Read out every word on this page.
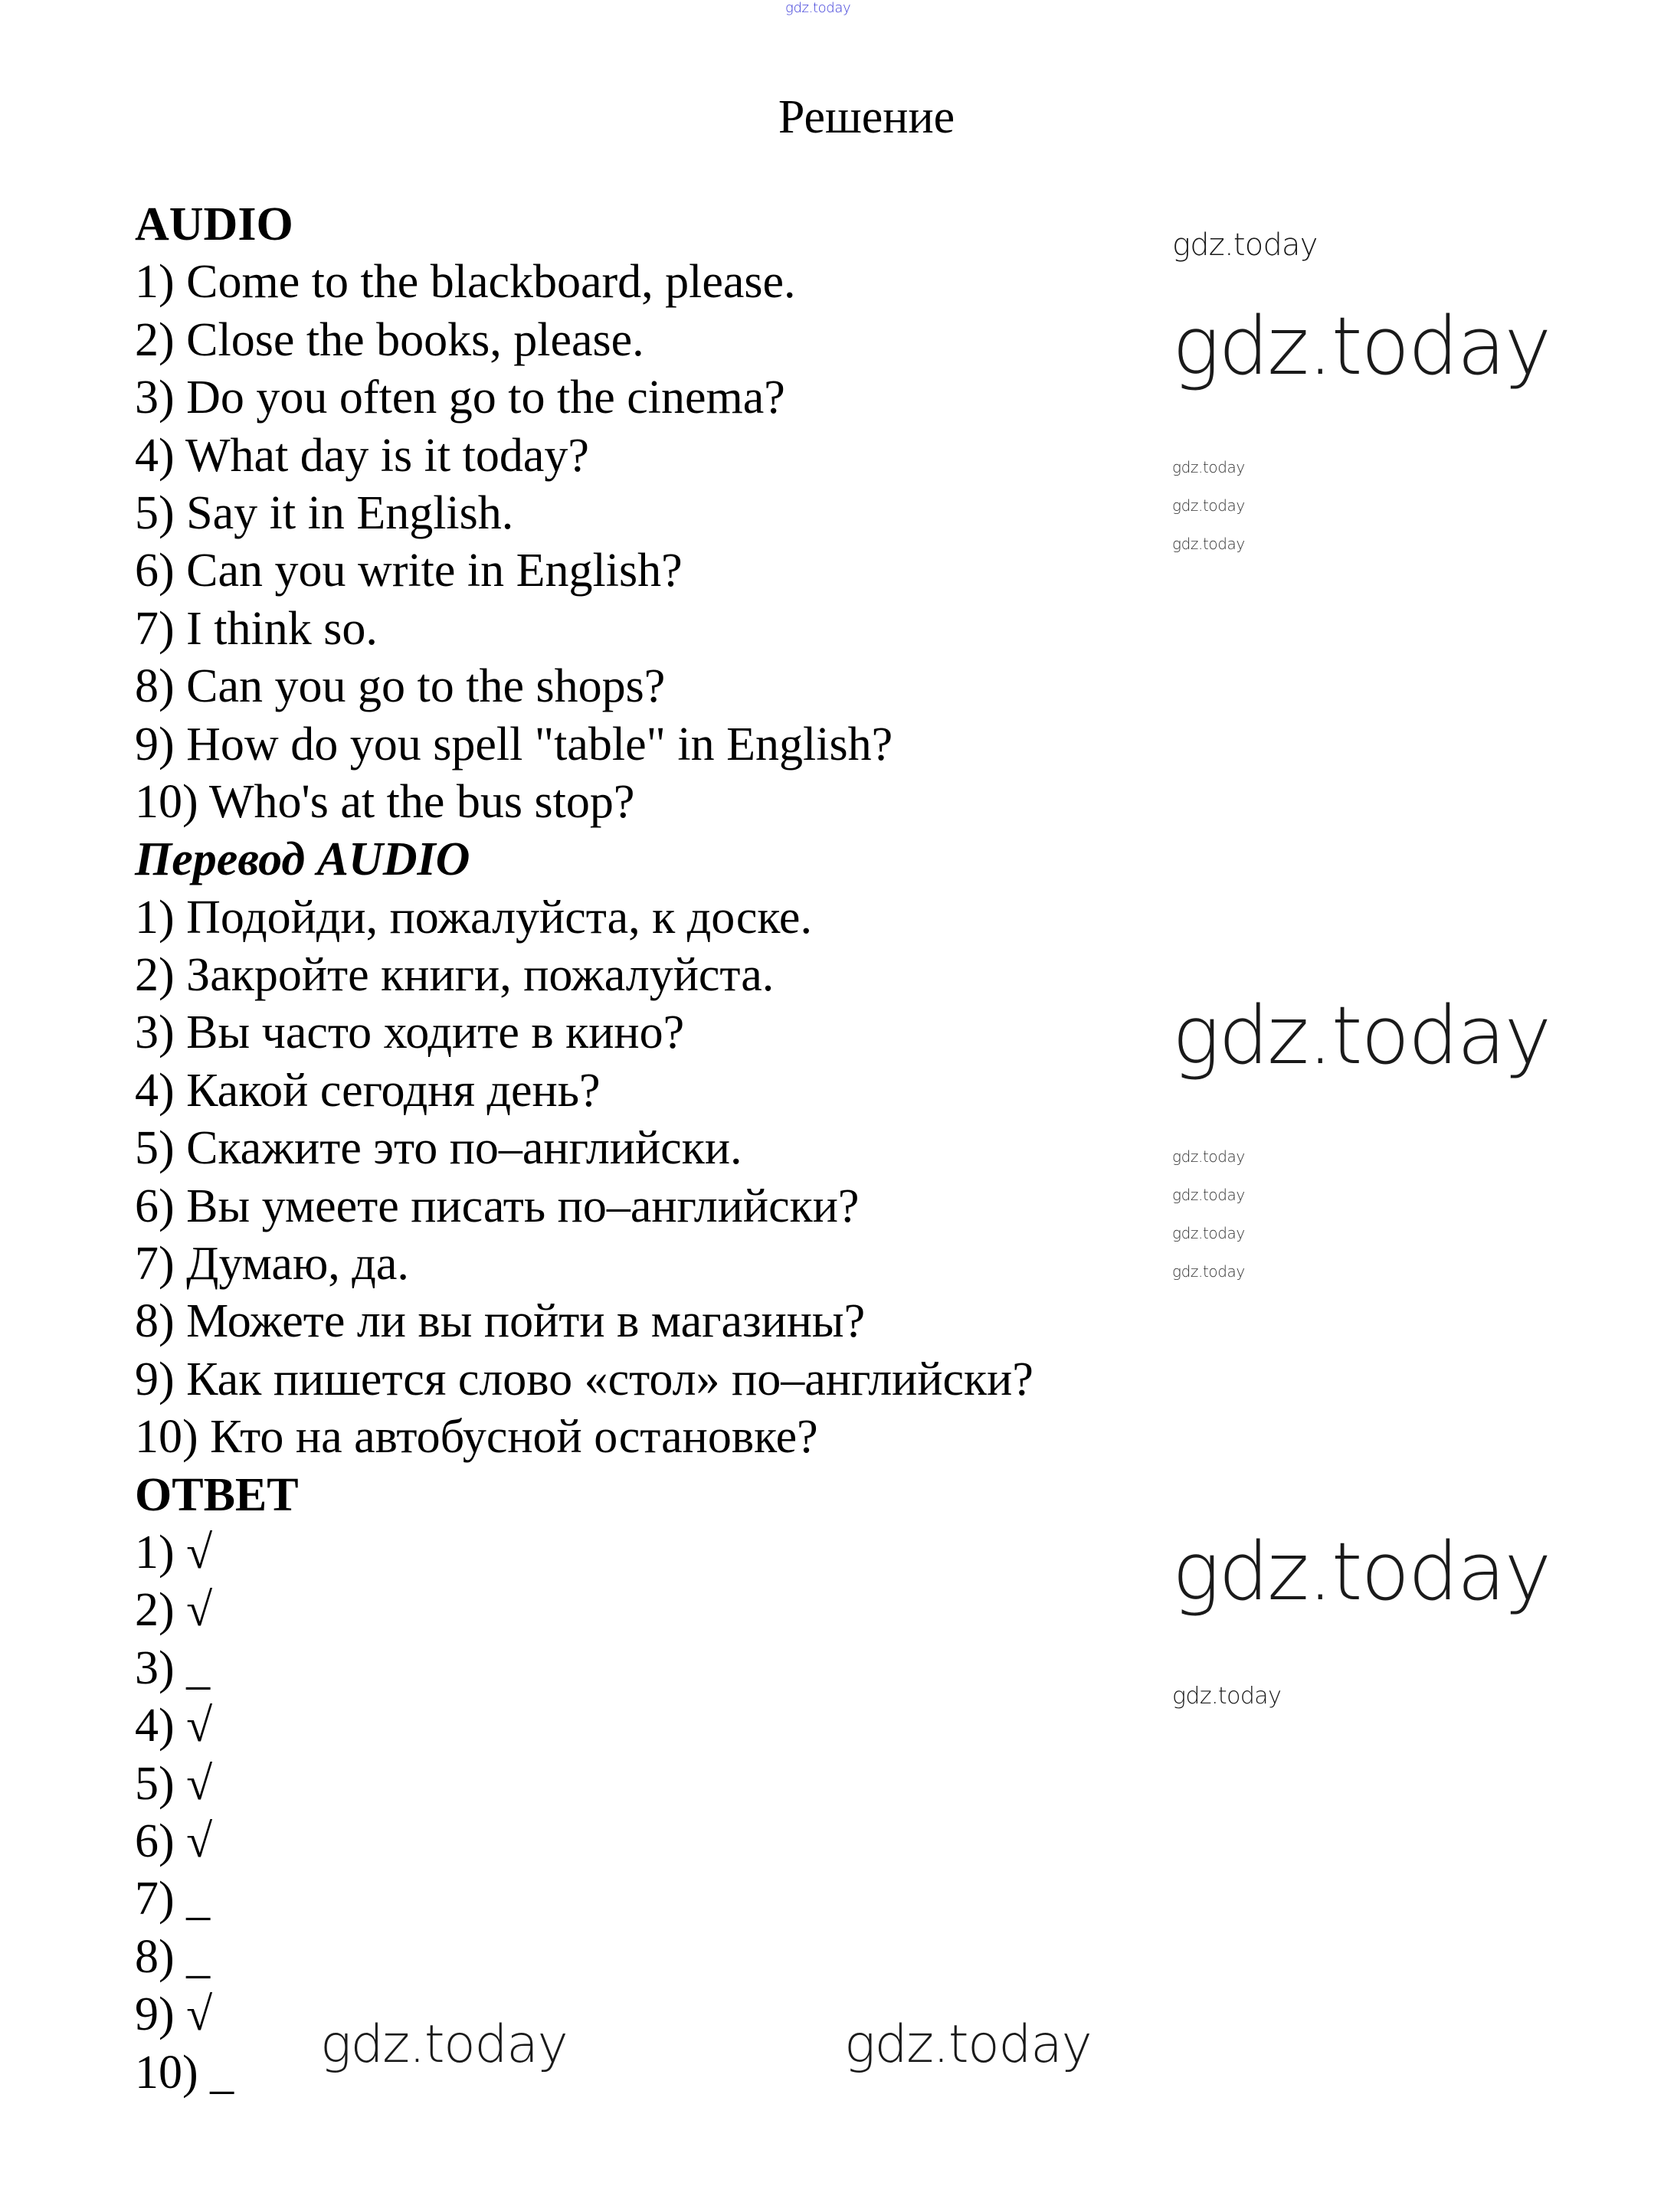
Решение
AUDIO
1) Come to the blackboard, please.
2) Close the books, please.
3) Do you often go to the cinema?
4) What day is it today?
5) Say it in English.
6) Can you write in English?
7) I think so.
8) Can you go to the shops?
9) How do you spell "table" in English?
10) Who's at the bus stop?
Перевод AUDIO
1) Подойди, пожалуйста, к доске.
2) Закройте книги, пожалуйста.
3) Вы часто ходите в кино?
4) Какой сегодня день?
5) Скажите это по–английски.
6) Вы умеете писать по–английски?
7) Думаю, да.
8) Можете ли вы пойти в магазины?
9) Как пишется слово «стол» по–английски?
10) Кто на автобусной остановке?
ОТВЕТ
1) √
2) √
3) _
4) √
5) √
6) √
7) _
8) _
9) √
10) _
gdz.today
gdz.today
gdz.today
gdz.today
gdz.today
gdz.today
gdz.today
gdz.today
gdz.today
gdz.today
gdz.today
gdz.today
gdz.today
gdz.today	gdz.today
